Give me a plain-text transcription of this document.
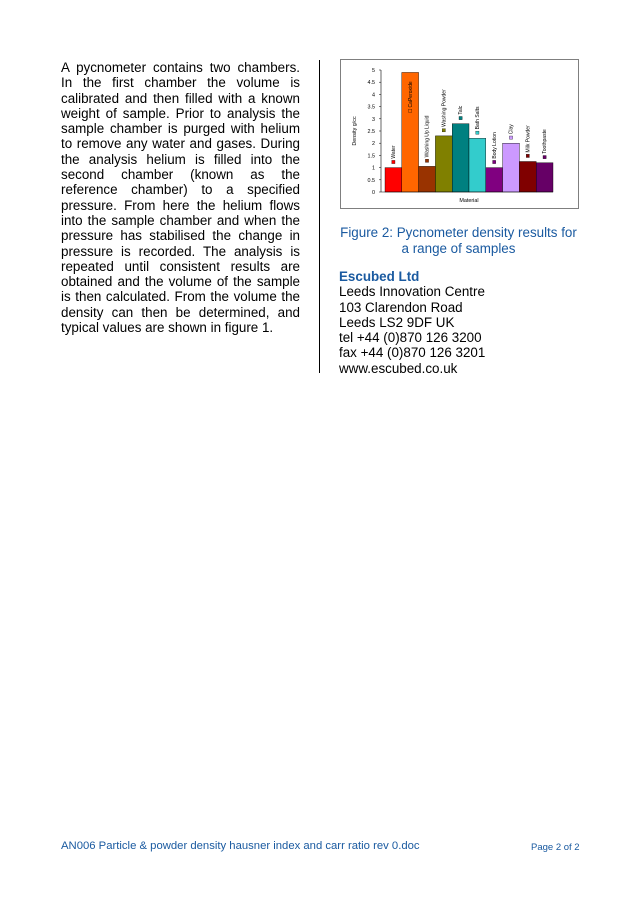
A pycnometer contains two chambers. In the first chamber the volume is calibrated and then filled with a known weight of sample. Prior to analysis the sample chamber is purged with helium to remove any water and gases. During the analysis helium is filled into the second chamber (known as the reference chamber) to a specified pressure. From here the helium flows into the sample chamber and when the pressure has stabilised the change in pressure is recorded. The analysis is repeated until consistent results are obtained and the volume of the sample is then calculated. From the volume the density can then be determined, and typical values are shown in figure 1.

0
0.5
1
1.5
2
2.5
3
3.5
4
4.5
5
Density g/cc
Water
CaPeroxide
Washing Up Liquid
Washing Powder Talc Bath Salts
Body Lotion
Clay Milk Powder Toothpaste
Material
Figure 2: Pycnometer density results for
a range of samples
Escubed Ltd
Leeds Innovation Centre
103 Clarendon Road
Leeds LS2 9DF UK
tel +44 (0)870 126 3200
fax +44 (0)870 126 3201
www.escubed.co.uk
AN006 Particle & powder density hausner index and carr ratio rev 0.doc	Page 2 of 2
